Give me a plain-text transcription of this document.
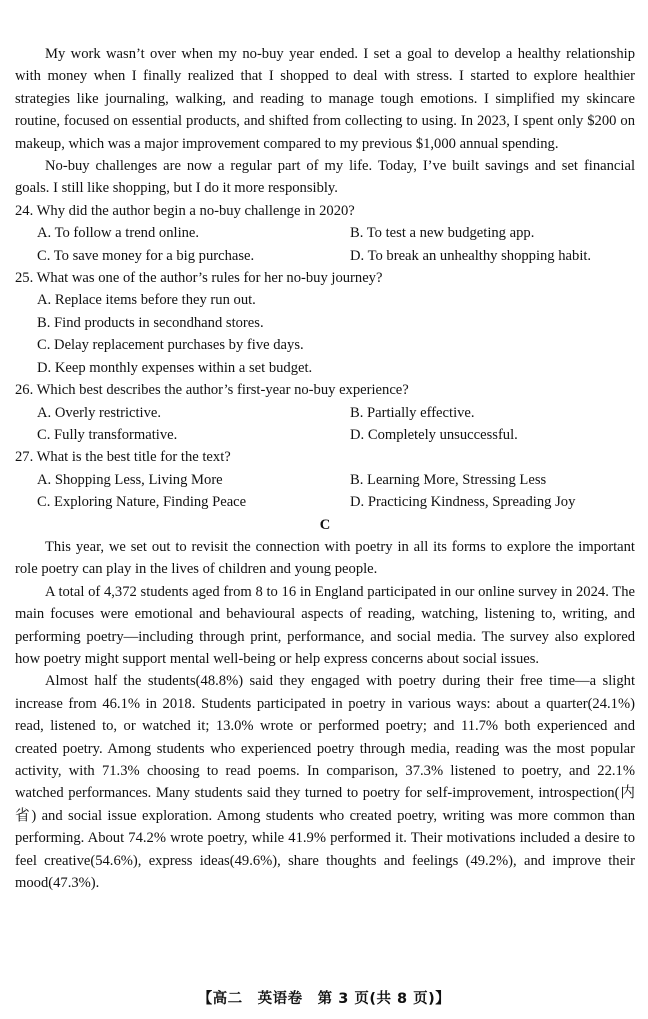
My work wasn’t over when my no-buy year ended. I set a goal to develop a healthy relationship with money when I finally realized that I shopped to deal with stress. I started to explore healthier strategies like journaling, walking, and reading to manage tough emotions. I simplified my skincare routine, focused on essential products, and shifted from collecting to using. In 2023, I spent only $200 on makeup, which was a major improvement compared to my previous $1,000 annual spending.

No-buy challenges are now a regular part of my life. Today, I’ve built savings and set financial goals. I still like shopping, but I do it more responsibly.

24. Why did the author begin a no-buy challenge in 2020?
A. To follow a trend online.	B. To test a new budgeting app.
C. To save money for a big purchase.	D. To break an unhealthy shopping habit.
25. What was one of the author’s rules for her no-buy journey?
A. Replace items before they run out.
B. Find products in secondhand stores.
C. Delay replacement purchases by five days.
D. Keep monthly expenses within a set budget.
26. Which best describes the author’s first-year no-buy experience?
A. Overly restrictive.	B. Partially effective.
C. Fully transformative.	D. Completely unsuccessful.
27. What is the best title for the text?
A. Shopping Less, Living More	B. Learning More, Stressing Less
C. Exploring Nature, Finding Peace	D. Practicing Kindness, Spreading Joy
C

This year, we set out to revisit the connection with poetry in all its forms to explore the important role poetry can play in the lives of children and young people.

A total of 4,372 students aged from 8 to 16 in England participated in our online survey in 2024. The main focuses were emotional and behavioural aspects of reading, watching, listening to, writing, and performing poetry—including through print, performance, and social media. The survey also explored how poetry might support mental well-being or help express concerns about social issues.

Almost half the students(48.8%) said they engaged with poetry during their free time—a slight increase from 46.1% in 2018. Students participated in poetry in various ways: about a quarter(24.1%) read, listened to, or watched it; 13.0% wrote or performed poetry; and 11.7% both experienced and created poetry. Among students who experienced poetry through media, reading was the most popular activity, with 71.3% choosing to read poems. In comparison, 37.3% listened to poetry, and 22.1% watched performances. Many students said they turned to poetry for self-improvement, introspection(内省) and social issue exploration. Among students who created poetry, writing was more common than performing. About 74.2% wrote poetry, while 41.9% performed it. Their motivations included a desire to feel creative(54.6%), express ideas(49.6%), share thoughts and feelings (49.2%), and improve their mood(47.3%).

【高二　英语卷　第 3 页(共 8 页)】
